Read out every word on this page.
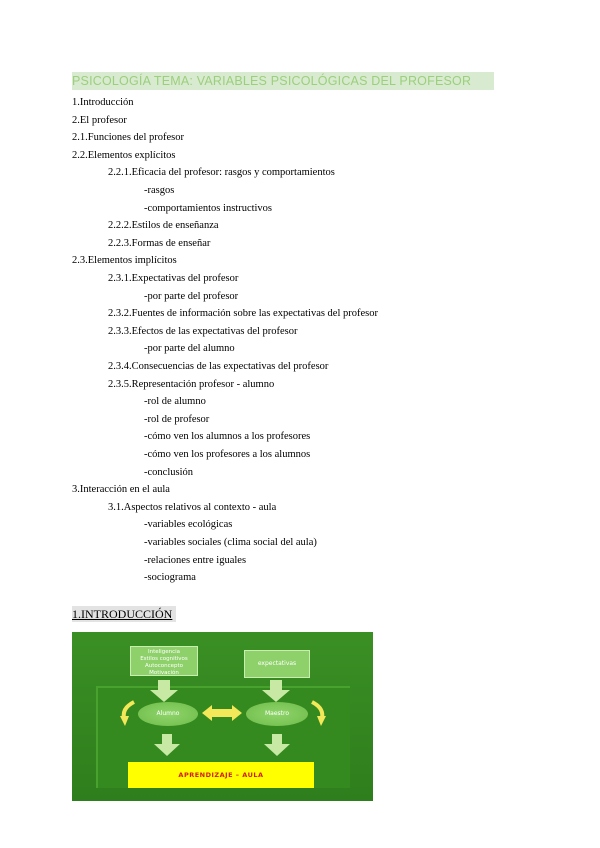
PSICOLOGÍA TEMA: VARIABLES PSICOLÓGICAS DEL PROFESOR
1.Introducción
2.El profesor
2.1.Funciones del profesor
2.2.Elementos explícitos
2.2.1.Eficacia del profesor: rasgos y comportamientos
-rasgos
-comportamientos instructivos
2.2.2.Estilos de enseñanza
2.2.3.Formas de enseñar
2.3.Elementos implícitos
2.3.1.Expectativas del profesor
-por parte del profesor
2.3.2.Fuentes de información sobre las expectativas del profesor
2.3.3.Efectos de las expectativas del profesor
-por parte del alumno
2.3.4.Consecuencias de las expectativas del profesor
2.3.5.Representación profesor - alumno
-rol de alumno
-rol de profesor
-cómo ven los alumnos a los profesores
-cómo ven los profesores a los alumnos
-conclusión
3.Interacción en el aula
3.1.Aspectos relativos al contexto - aula
-variables ecológicas
-variables sociales (clima social del aula)
-relaciones entre iguales
-sociograma
1.INTRODUCCIÓN
Inteligencia
Estilos cognitivos
Autoconcepto
Motivación
expectativas
Alumno	Maestro
APRENDIZAJE – AULA
